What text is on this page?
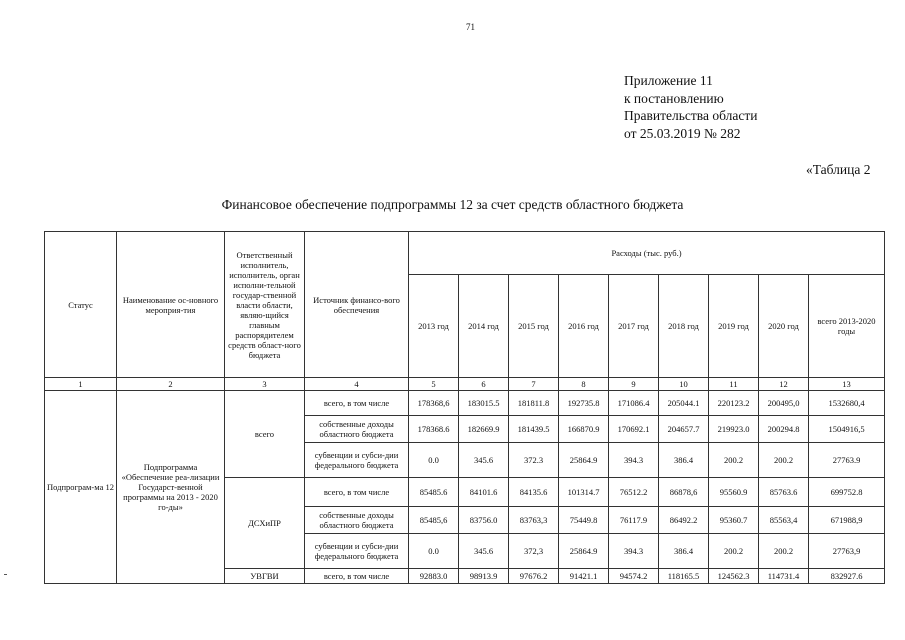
71
Приложение 11
к постановлению
Правительства области
от 25.03.2019 № 282
«Таблица 2
Финансовое обеспечение подпрограммы 12 за счет средств областного бюджета
Статус	Наименование ос-новного мероприя-тия	Ответственный исполнитель, исполнитель, орган исполни-тельной государ-ственной власти области, являю-щийся главным распорядителем средств област-ного бюджета	Источник финансо-вого обеспечения	Расходы (тыс. руб.)								
				2013 год	2014 год	2015 год	2016 год	2017 год	2018 год	2019 год	2020 год	всего 2013-2020 годы
1	2	3	4	5	6	7	8	9	10	11	12	13
Подпрограм-ма 12	Подпрограмма «Обеспечение реа-лизации Государст-венной программы на 2013 - 2020 го-ды»	всего	всего, в том числе	178368,6	183015.5	181811.8	192735.8	171086.4	205044.1	220123.2	200495,0	1532680,4
			собственные доходы областного бюджета	178368.6	182669.9	181439.5	166870.9	170692.1	204657.7	219923.0	200294.8	1504916,5
			субвенции и субси-дии федерального бюджета	0.0	345.6	372.3	25864.9	394.3	386.4	200.2	200.2	27763.9
		ДСХиПР	всего, в том числе	85485.6	84101.6	84135.6	101314.7	76512.2	86878,6	95560.9	85763.6	699752.8
			собственные доходы областного бюджета	85485,6	83756.0	83763,3	75449.8	76117.9	86492.2	95360.7	85563,4	671988,9
			субвенции и субси-дии федерального бюджета	0.0	345.6	372,3	25864.9	394.3	386.4	200.2	200.2	27763,9
		УВГВИ	всего, в том числе	92883.0	98913.9	97676.2	91421.1	94574.2	118165.5	124562.3	114731.4	832927.6
